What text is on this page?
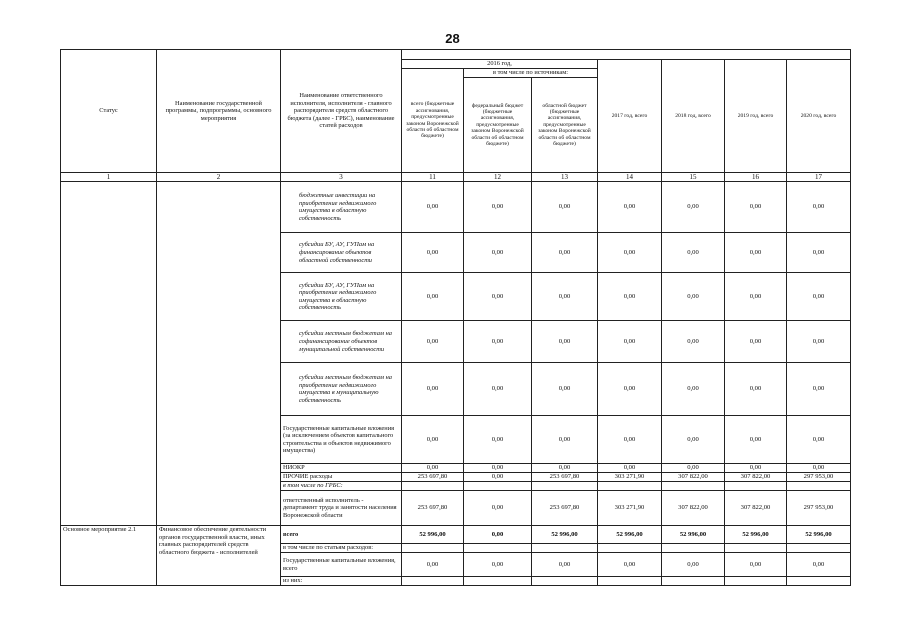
28
Статус	Наименование государственной программы, подпрограммы, основного мероприятия	Наименование ответственного исполнителя, исполнителя - главного распорядителя средств областного бюджета (далее - ГРБС), наименование статей расходов							
			2016 год,			2017 год, всего	2018 год, всего	2019 год, всего	2020 год, всего
			всего (бюджетные ассигнования, предусмотренные законом Воронежской области об областном бюджете)	в том числе по источникам:					
				федеральный бюджет (бюджетные ассигнования, предусмотренные законом Воронежской области об областном бюджете)	областной бюджет (бюджетные ассигнования, предусмотренные законом Воронежской области об областном бюджете)				
1	2	3	11	12	13	14	15	16	17
		бюджетные инвестиции на приобретение недвижимого имущества в областную собственность	0,00	0,00	0,00	0,00	0,00	0,00	0,00
		субсидии БУ, АУ, ГУПам на финансирование объектов областной собственности	0,00	0,00	0,00	0,00	0,00	0,00	0,00
		субсидии БУ, АУ, ГУПам на приобретение недвижимого имущества в областную собственность	0,00	0,00	0,00	0,00	0,00	0,00	0,00
		субсидии местным бюджетам на софинансирование объектов муниципальной собственности	0,00	0,00	0,00	0,00	0,00	0,00	0,00
		субсидии местным бюджетам на приобретение недвижимого имущества в муниципальную собственность	0,00	0,00	0,00	0,00	0,00	0,00	0,00
		Государственные капитальные вложения (за исключением объектов капитального строительства и объектов недвижимого имущества)	0,00	0,00	0,00	0,00	0,00	0,00	0,00
		НИОКР	0,00	0,00	0,00	0,00	0,00	0,00	0,00
		ПРОЧИЕ расходы	253 697,80	0,00	253 697,80	303 271,90	307 822,00	307 822,00	297 953,00
		в том числе по ГРБС:							
		ответственный исполнитель - департамент труда и занятости населения Воронежской области	253 697,80	0,00	253 697,80	303 271,90	307 822,00	307 822,00	297 953,00
Основное мероприятие 2.1	Финансовое обеспечение деятельности органов государственной власти, иных главных распорядителей средств областного бюджета - исполнителей	всего	52 996,00	0,00	52 996,00	52 996,00	52 996,00	52 996,00	52 996,00
		в том числе по статьям расходов:							
		Государственные капитальные вложения, всего	0,00	0,00	0,00	0,00	0,00	0,00	0,00
		из них:							
